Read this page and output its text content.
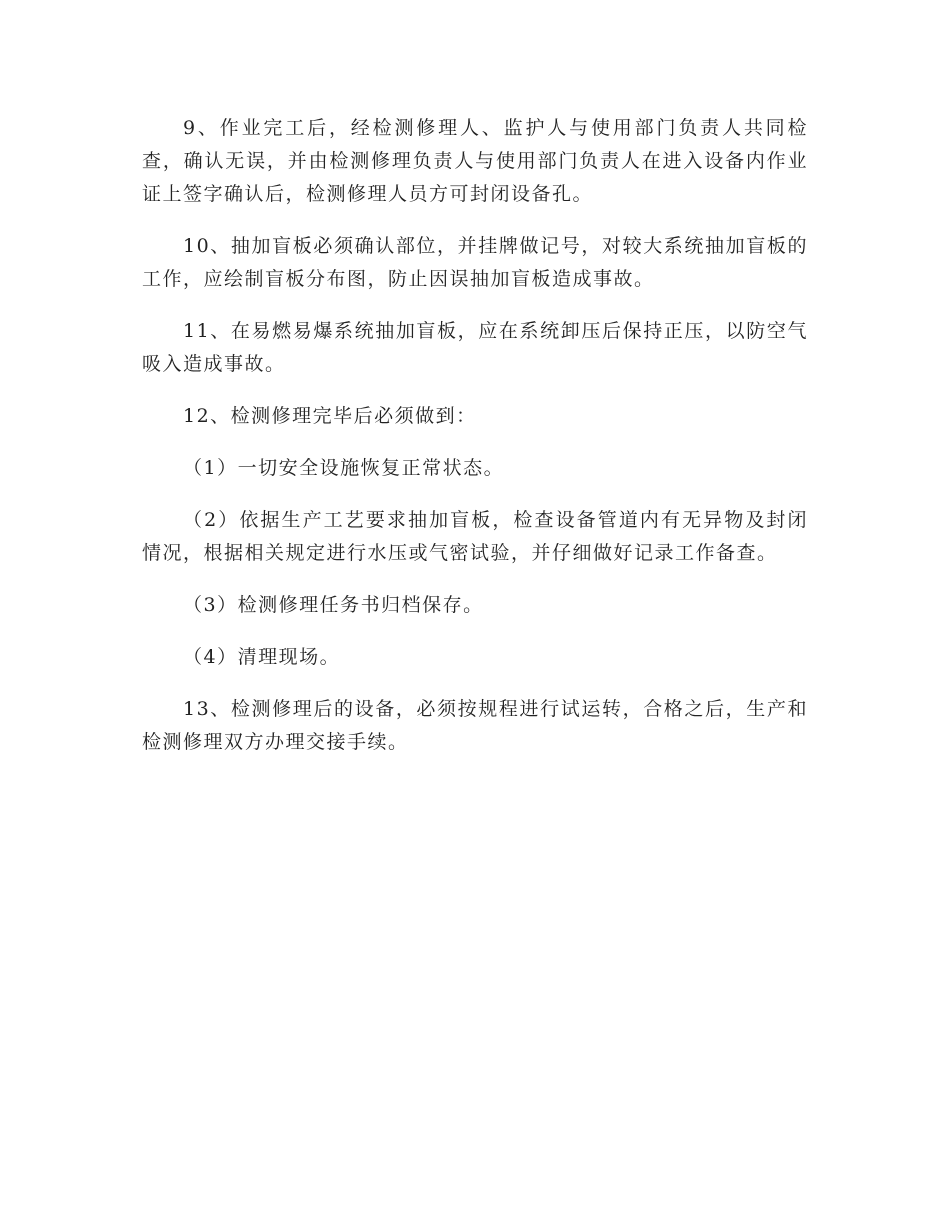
9、作业完工后，经检测修理人、监护人与使用部门负责人共同检查，确认无误，并由检测修理负责人与使用部门负责人在进入设备内作业证上签字确认后，检测修理人员方可封闭设备孔。

10、抽加盲板必须确认部位，并挂牌做记号，对较大系统抽加盲板的工作，应绘制盲板分布图，防止因误抽加盲板造成事故。

11、在易燃易爆系统抽加盲板，应在系统卸压后保持正压，以防空气吸入造成事故。

12、检测修理完毕后必须做到：

（1）一切安全设施恢复正常状态。

（2）依据生产工艺要求抽加盲板，检查设备管道内有无异物及封闭情况，根据相关规定进行水压或气密试验，并仔细做好记录工作备查。

（3）检测修理任务书归档保存。

（4）清理现场。

13、检测修理后的设备，必须按规程进行试运转，合格之后，生产和检测修理双方办理交接手续。
